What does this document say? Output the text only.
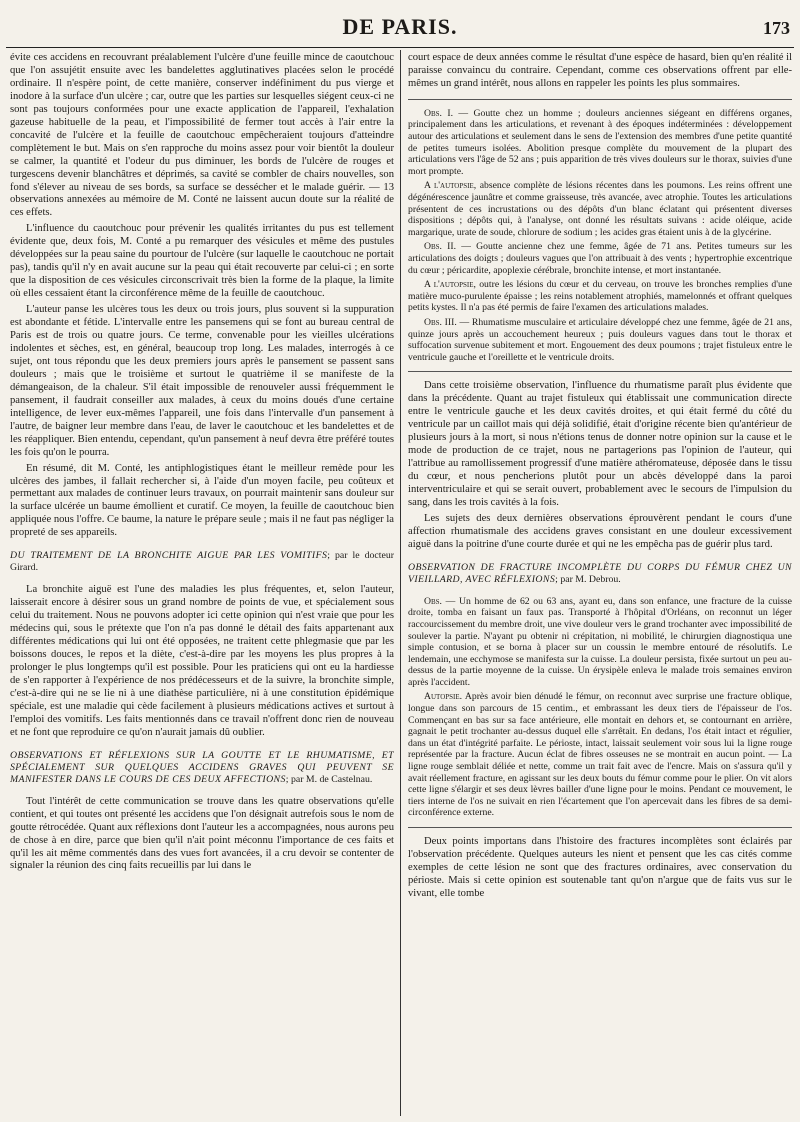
DE PARIS.	173

évite ces accidens en recouvrant préalablement l'ulcère d'une feuille mince de caoutchouc que l'on assujétit ensuite avec les bandelettes agglutinatives placées selon le procédé ordinaire. Il n'espère point, de cette manière, conserver indéfiniment du pus vierge et inodore à la surface d'un ulcère ; car, outre que les parties sur lesquelles siégent ceux-ci ne sont pas toujours conformées pour une exacte application de l'appareil, l'exhalation gazeuse habituelle de la peau, et l'impossibilité de fermer tout accès à l'air entre la concavité de l'ulcère et la feuille de caoutchouc empêcheraient toujours d'atteindre complètement le but. Mais on s'en rapproche du moins assez pour voir bientôt la douleur se calmer, la quantité et l'odeur du pus diminuer, les bords de l'ulcère de rouges et turgescens devenir blanchâtres et déprimés, sa cavité se combler de chairs nouvelles, son fond s'élever au niveau de ses bords, sa surface se dessécher et le malade guérir. — 13 observations annexées au mémoire de M. Conté ne laissent aucun doute sur la réalité de ces effets.

L'influence du caoutchouc pour prévenir les qualités irritantes du pus est tellement évidente que, deux fois, M. Conté a pu remarquer des vésicules et même des pustules développées sur la peau saine du pourtour de l'ulcère (sur laquelle le caoutchouc ne portait pas), tandis qu'il n'y en avait aucune sur la peau qui était recouverte par celui-ci ; en sorte que la disposition de ces vésicules circonscrivait très bien la forme de la plaque, la limite où elles cessaient étant la circonférence même de la feuille de caoutchouc.

L'auteur panse les ulcères tous les deux ou trois jours, plus souvent si la suppuration est abondante et fétide. L'intervalle entre les pansemens qui se font au bureau central de Paris est de trois ou quatre jours. Ce terme, convenable pour les vieilles ulcérations indolentes et sèches, est, en général, beaucoup trop long. Les malades, interrogés à ce sujet, ont tous répondu que les deux premiers jours après le pansement se passent sans douleurs ; mais que le troisième et surtout le quatrième il se manifeste de la démangeaison, de la chaleur. S'il était impossible de renouveler aussi fréquemment le pansement, il faudrait conseiller aux malades, à ceux du moins doués d'une certaine intelligence, de lever eux-mêmes l'appareil, une fois dans l'intervalle d'un pansement à l'autre, de baigner leur membre dans l'eau, de laver le caoutchouc et les bandelettes et de les réappliquer. Bien entendu, cependant, qu'un pansement à neuf devra être préféré toutes les fois qu'on le pourra.

En résumé, dit M. Conté, les antiphlogistiques étant le meilleur remède pour les ulcères des jambes, il fallait rechercher si, à l'aide d'un moyen facile, peu coûteux et permettant aux malades de continuer leurs travaux, on pourrait maintenir sans douleur sur la surface ulcérée un baume émollient et curatif. Ce moyen, la feuille de caoutchouc bien appliquée nous l'offre. Ce baume, la nature le prépare seule ; mais il ne faut pas négliger la propreté de ses appareils.

DU TRAITEMENT DE LA BRONCHITE AIGUE PAR LES VOMITIFS; par le docteur Girard.

La bronchite aiguë est l'une des maladies les plus fréquentes, et, selon l'auteur, laisserait encore à désirer sous un grand nombre de points de vue, et spécialement sous celui du traitement. Nous ne pouvons adopter ici cette opinion qui n'est vraie que pour les médecins qui, sous le prétexte que l'on n'a pas donné le détail des faits appartenant aux différentes médications qui lui ont été opposées, ne traitent cette phlegmasie que par les boissons douces, le repos et la diète, c'est-à-dire par les moyens les plus propres à la prolonger le plus longtemps qu'il est possible. Pour les praticiens qui ont eu la hardiesse de s'en rapporter à l'expérience de nos prédécesseurs et de la suivre, la bronchite simple, c'est-à-dire qui ne se lie ni à une diathèse particulière, ni à une constitution épidémique spéciale, est une maladie qui cède facilement à plusieurs médications actives et surtout à l'emploi des vomitifs. Les faits mentionnés dans ce travail n'offrent donc rien de nouveau et ne font que reproduire ce qu'on n'aurait jamais dû oublier.

OBSERVATIONS ET RÉFLEXIONS SUR LA GOUTTE ET LE RHUMATISME, ET SPÉCIALEMENT SUR QUELQUES ACCIDENS GRAVES QUI PEUVENT SE MANIFESTER DANS LE COURS DE CES DEUX AFFECTIONS; par M. de Castelnau.

Tout l'intérêt de cette communication se trouve dans les quatre observations qu'elle contient, et qui toutes ont présenté les accidens que l'on désignait autrefois sous le nom de goutte rétrocédée. Quant aux réflexions dont l'auteur les a accompagnées, nous aurons peu de chose à en dire, parce que bien qu'il n'ait point méconnu l'importance de ces faits et qu'il les ait même commentés dans des vues fort avancées, il a cru devoir se contenter de signaler la réunion des cinq faits recueillis par lui dans le

court espace de deux années comme le résultat d'une espèce de hasard, bien qu'en réalité il paraisse convaincu du contraire. Cependant, comme ces observations offrent par elle-mêmes un grand intérêt, nous allons en rappeler les points les plus sommaires.

Obs. I. — Goutte chez un homme ; douleurs anciennes siégeant en différens organes, principalement dans les articulations, et revenant à des époques indéterminées : développement autour des articulations et seulement dans le sens de l'extension des membres d'une petite quantité de petites tumeurs isolées. Abolition presque complète du mouvement de la plupart des articulations vers l'âge de 52 ans ; puis apparition de très vives douleurs sur le thorax, suivies d'une mort prompte.

A l'autopsie, absence complète de lésions récentes dans les poumons. Les reins offrent une dégénérescence jaunâtre et comme graisseuse, très avancée, avec atrophie. Toutes les articulations présentent de ces incrustations ou des dépôts d'un blanc éclatant qui présentent diverses dispositions ; dépôts qui, à l'analyse, ont donné les résultats suivans : acide oléique, acide margarique, urate de soude, chlorure de sodium ; les acides gras étaient unis à de la glycérine.

Obs. II. — Goutte ancienne chez une femme, âgée de 71 ans. Petites tumeurs sur les articulations des doigts ; douleurs vagues que l'on attribuait à des vents ; hypertrophie excentrique du cœur ; péricardite, apoplexie cérébrale, bronchite intense, et mort instantanée.

A l'autopsie, outre les lésions du cœur et du cerveau, on trouve les bronches remplies d'une matière muco-purulente épaisse ; les reins notablement atrophiés, mamelonnés et offrant quelques petits kystes. Il n'a pas été permis de faire l'examen des articulations malades.

Obs. III. — Rhumatisme musculaire et articulaire développé chez une femme, âgée de 21 ans, quinze jours après un accouchement heureux ; puis douleurs vagues dans tout le thorax et suffocation survenue subitement et mort. Engouement des deux poumons ; trajet fistuleux entre le ventricule gauche et l'oreillette et le ventricule droits.

Dans cette troisième observation, l'influence du rhumatisme paraît plus évidente que dans la précédente. Quant au trajet fistuleux qui établissait une communication directe entre le ventricule gauche et les deux cavités droites, et qui était fermé du côté du ventricule par un caillot mais qui déjà solidifié, était d'origine récente bien qu'antérieur de plusieurs jours à la mort, si nous n'étions tenus de donner notre opinion sur la cause et le mode de production de ce trajet, nous ne partagerions pas l'opinion de l'auteur, qui l'attribue au ramollissement progressif d'une matière athéromateuse, déposée dans le tissu du cœur, et nous pencherions plutôt pour un abcès développé dans la paroi interventriculaire et qui se serait ouvert, probablement avec le secours de l'impulsion du sang, dans les trois cavités à la fois.

Les sujets des deux dernières observations éprouvèrent pendant le cours d'une affection rhumatismale des accidens graves consistant en une douleur excessivement aiguë dans la poitrine d'une courte durée et qui ne les empêcha pas de guérir plus tard.

OBSERVATION DE FRACTURE INCOMPLÈTE DU CORPS DU FÉMUR CHEZ UN VIEILLARD, AVEC RÉFLEXIONS; par M. Debrou.

Obs. — Un homme de 62 ou 63 ans, ayant eu, dans son enfance, une fracture de la cuisse droite, tomba en faisant un faux pas. Transporté à l'hôpital d'Orléans, on reconnut un léger raccourcissement du membre droit, une vive douleur vers le grand trochanter avec impossibilité de soulever la partie. N'ayant pu obtenir ni crépitation, ni mobilité, le chirurgien diagnostiqua une simple contusion, et se borna à placer sur un coussin le membre entouré de résolutifs. Le lendemain, une ecchymose se manifesta sur la cuisse. La douleur persista, fixée surtout un peu au-dessus de la partie moyenne de la cuisse. Un érysipèle enleva le malade trois semaines environ après l'accident.

Autopsie. Après avoir bien dénudé le fémur, on reconnut avec surprise une fracture oblique, longue dans son parcours de 15 centim., et embrassant les deux tiers de l'épaisseur de l'os. Commençant en bas sur sa face antérieure, elle montait en dehors et, se contournant en arrière, gagnait le petit trochanter au-dessus duquel elle s'arrêtait. En dedans, l'os était intact et régulier, dans un état d'intégrité parfaite. Le périoste, intact, laissait seulement voir sous lui la ligne rouge représentée par la fracture. Aucun éclat de fibres osseuses ne se montrait en aucun point. — La ligne rouge semblait déliée et nette, comme un trait fait avec de l'encre. Mais on s'assura qu'il y avait réellement fracture, en agissant sur les deux bouts du fémur comme pour le plier. On vit alors cette ligne s'élargir et ses deux lèvres bailler d'une ligne pour le moins. Pendant ce mouvement, le tiers interne de l'os ne suivait en rien l'écartement que l'on apercevait dans les fibres de sa demi-circonférence externe.

Deux points importans dans l'histoire des fractures incomplètes sont éclairés par l'observation précédente. Quelques auteurs les nient et pensent que les cas cités comme exemples de cette lésion ne sont que des fractures ordinaires, avec conservation du périoste. Mais si cette opinion est soutenable tant qu'on n'argue que de faits vus sur le vivant, elle tombe
